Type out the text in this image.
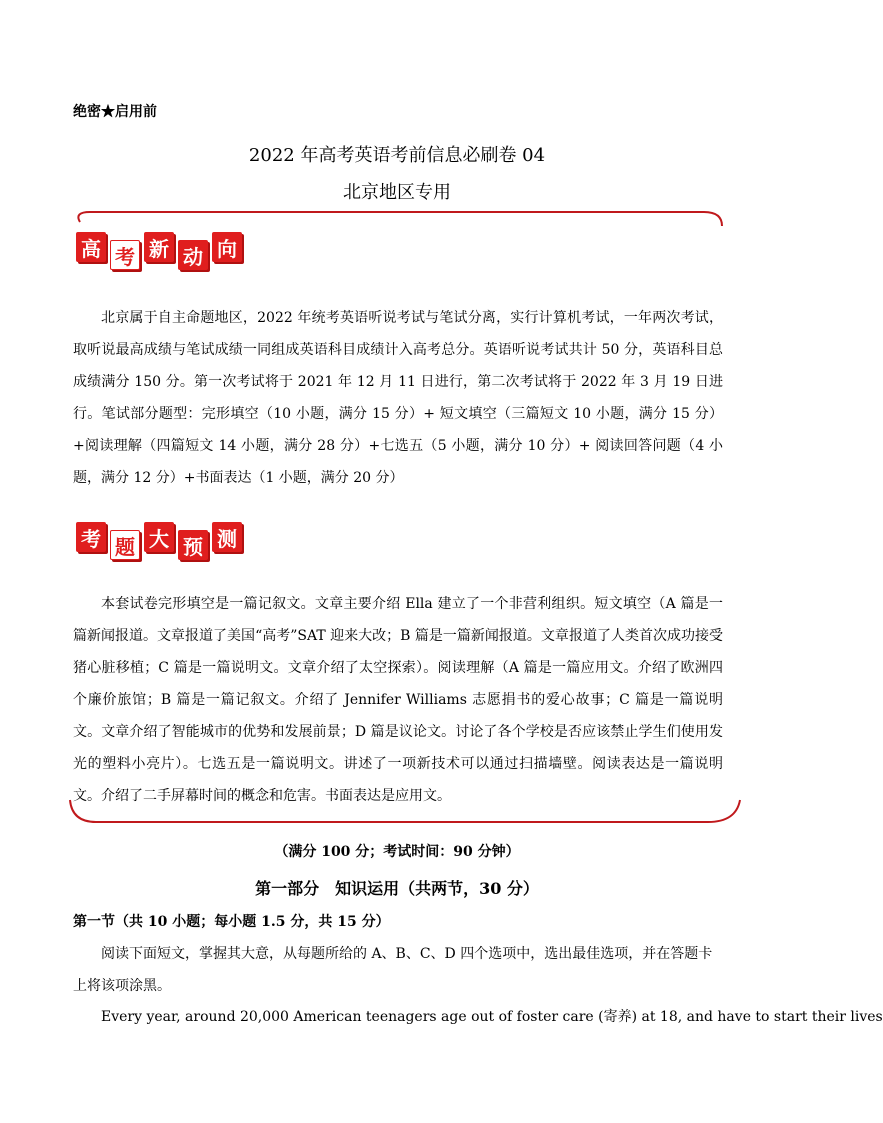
绝密★启用前
2022 年高考英语考前信息必刷卷 04
北京地区专用
高 考 新 动 向
北京属于自主命题地区，2022 年统考英语听说考试与笔试分离，实行计算机考试，一年两次考试，取听说最高成绩与笔试成绩一同组成英语科目成绩计入高考总分。英语听说考试共计 50 分，英语科目总成绩满分 150 分。第一次考试将于 2021 年 12 月 11 日进行，第二次考试将于 2022 年 3 月 19 日进行。笔试部分题型：完形填空（10 小题，满分 15 分）+ 短文填空（三篇短文 10 小题，满分 15 分）+阅读理解（四篇短文 14 小题，满分 28 分）+七选五（5 小题，满分 10 分）+ 阅读回答问题（4 小题，满分 12 分）+书面表达（1 小题，满分 20 分）
考 题 大 预 测
本套试卷完形填空是一篇记叙文。文章主要介绍 Ella 建立了一个非营利组织。短文填空（A 篇是一篇新闻报道。文章报道了美国“高考”SAT 迎来大改；B 篇是一篇新闻报道。文章报道了人类首次成功接受猪心脏移植；C 篇是一篇说明文。文章介绍了太空探索）。阅读理解（A 篇是一篇应用文。介绍了欧洲四个廉价旅馆；B 篇是一篇记叙文。介绍了 Jennifer Williams 志愿捐书的爱心故事；C 篇是一篇说明文。文章介绍了智能城市的优势和发展前景；D 篇是议论文。讨论了各个学校是否应该禁止学生们使用发光的塑料小亮片）。七选五是一篇说明文。讲述了一项新技术可以通过扫描墙壁。阅读表达是一篇说明文。介绍了二手屏幕时间的概念和危害。书面表达是应用文。
（满分 100 分；考试时间：90 分钟）
第一部分　知识运用（共两节，30 分）
第一节（共 10 小题；每小题 1.5 分，共 15 分）
阅读下面短文，掌握其大意，从每题所给的 A、B、C、D 四个选项中，选出最佳选项，并在答题卡上将该项涂黑。
Every year, around 20,000 American teenagers age out of foster care (寄养) at 18, and have to start their lives
